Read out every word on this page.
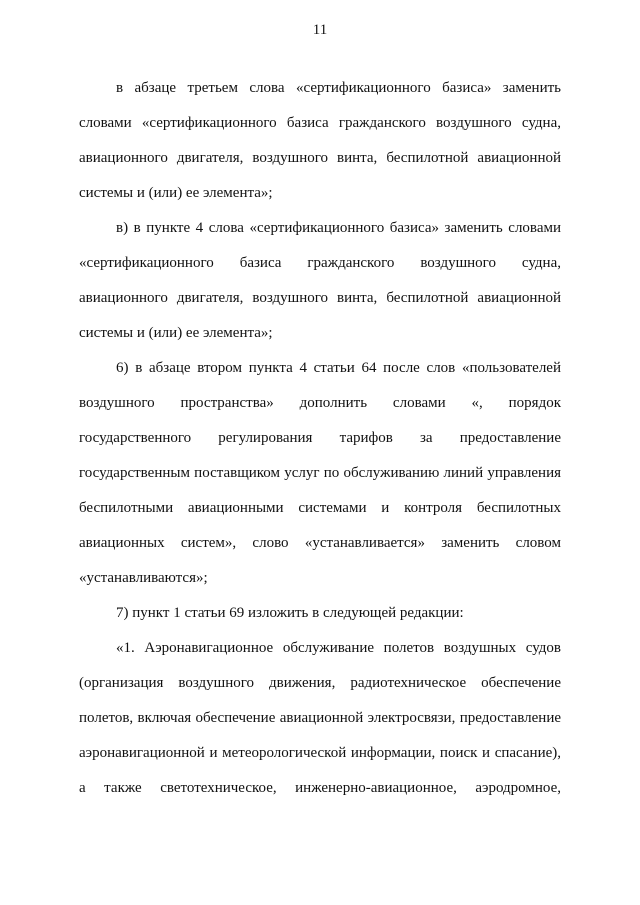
11
в абзаце третьем слова «сертификационного базиса» заменить
словами «сертификационного базиса гражданского воздушного судна,
авиационного двигателя, воздушного винта, беспилотной авиационной
системы и (или) ее элемента»;
в) в пункте 4 слова «сертификационного базиса» заменить словами
«сертификационного базиса гражданского воздушного судна,
авиационного двигателя, воздушного винта, беспилотной авиационной
системы и (или) ее элемента»;
6) в абзаце втором пункта 4 статьи 64 после слов «пользователей
воздушного пространства» дополнить словами «, порядок
государственного регулирования тарифов за предоставление
государственным поставщиком услуг по обслуживанию линий управления
беспилотными авиационными системами и контроля беспилотных
авиационных систем», слово «устанавливается» заменить словом
«устанавливаются»;
7) пункт 1 статьи 69 изложить в следующей редакции:
«1. Аэронавигационное обслуживание полетов воздушных судов
(организация воздушного движения, радиотехническое обеспечение
полетов, включая обеспечение авиационной электросвязи, предоставление
аэронавигационной и метеорологической информации, поиск и спасание),
а также светотехническое, инженерно-авиационное, аэродромное,
